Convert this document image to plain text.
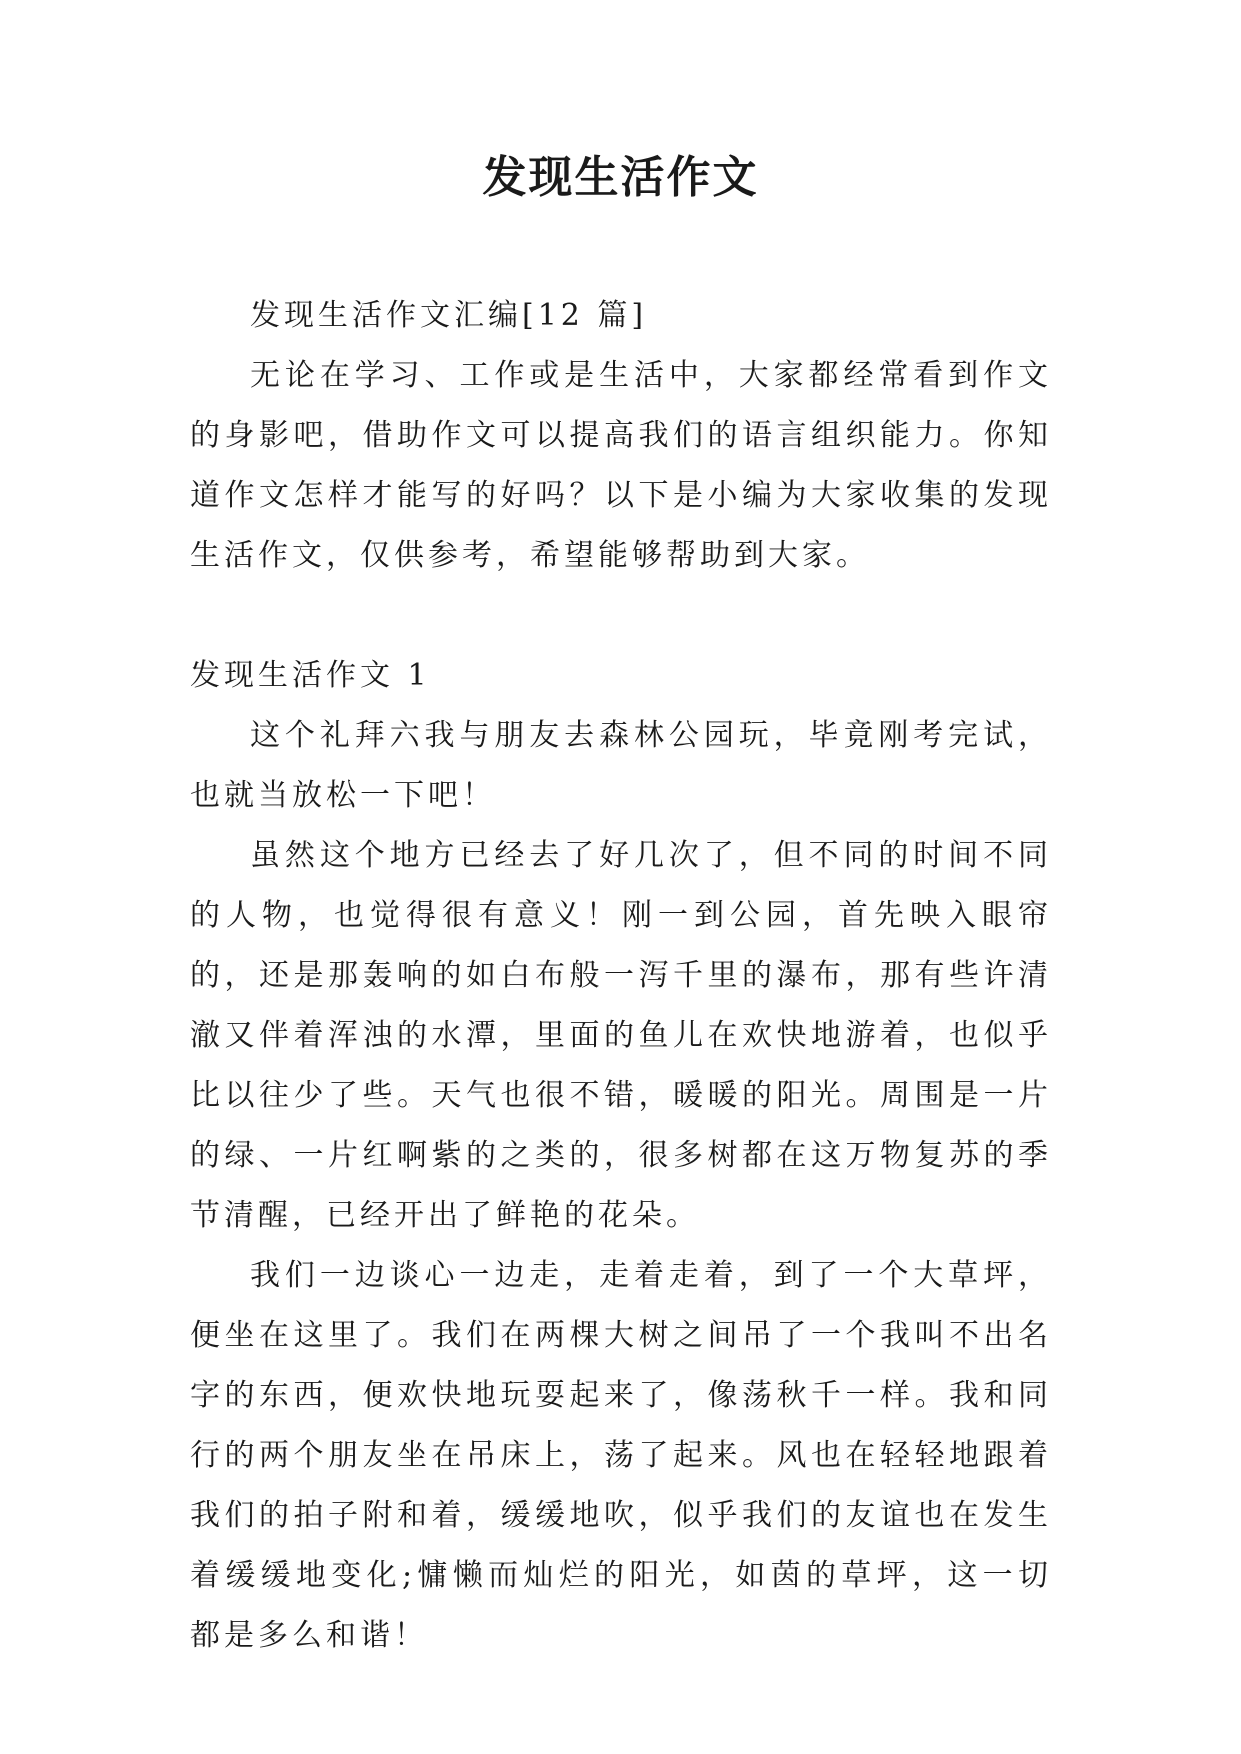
发现生活作文

发现生活作文汇编[12 篇]

无论在学习、工作或是生活中，大家都经常看到作文的身影吧，借助作文可以提高我们的语言组织能力。你知道作文怎样才能写的好吗？以下是小编为大家收集的发现生活作文，仅供参考，希望能够帮助到大家。

发现生活作文 1

这个礼拜六我与朋友去森林公园玩，毕竟刚考完试，也就当放松一下吧！

虽然这个地方已经去了好几次了，但不同的时间不同的人物，也觉得很有意义！刚一到公园，首先映入眼帘的，还是那轰响的如白布般一泻千里的瀑布，那有些许清澈又伴着浑浊的水潭，里面的鱼儿在欢快地游着，也似乎比以往少了些。天气也很不错，暖暖的阳光。周围是一片的绿、一片红啊紫的之类的，很多树都在这万物复苏的季节清醒，已经开出了鲜艳的花朵。

我们一边谈心一边走，走着走着，到了一个大草坪，便坐在这里了。我们在两棵大树之间吊了一个我叫不出名字的东西，便欢快地玩耍起来了，像荡秋千一样。我和同行的两个朋友坐在吊床上，荡了起来。风也在轻轻地跟着我们的拍子附和着，缓缓地吹，似乎我们的友谊也在发生着缓缓地变化;慵懒而灿烂的阳光，如茵的草坪，这一切都是多么和谐！
